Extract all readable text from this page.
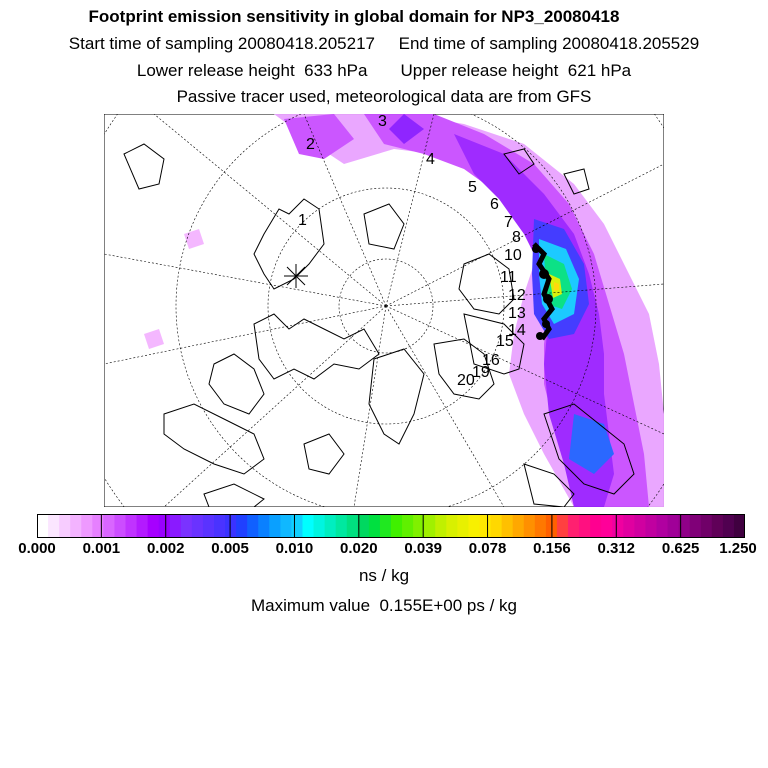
Footprint emission sensitivity in global domain for NP3_20080418
Start time of sampling 20080418.205217     End time of sampling 20080418.205529
Lower release height  633 hPa       Upper release height  621 hPa
Passive tracer used, meteorological data are from GFS
1
2
3
4
5
6
7
8
10
11
12
13
14
15
16
19
20
0.000 0.001 0.002 0.005 0.010 0.020 0.039 0.078 0.156 0.312 0.625 1.250
ns / kg
Maximum value  0.155E+00 ps / kg
